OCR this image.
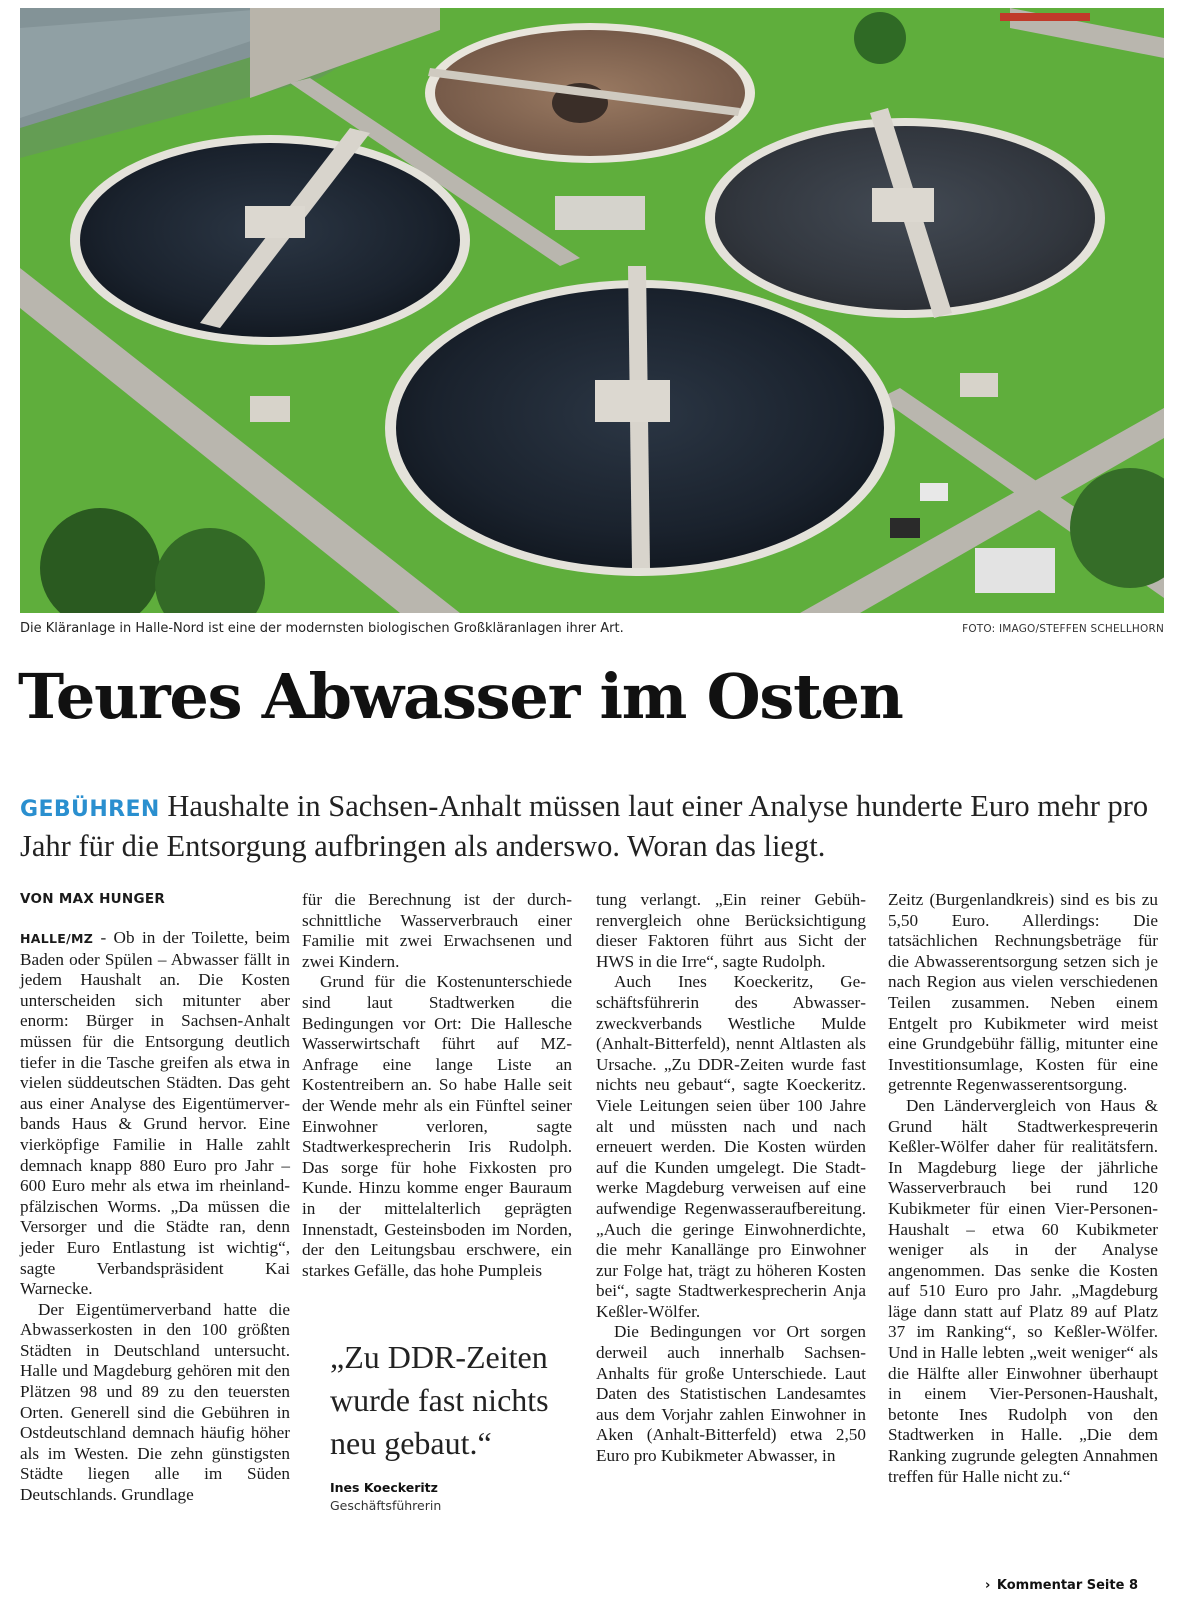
Die Kläranlage in Halle-Nord ist eine der modernsten biologischen Großkläranlagen ihrer Art.	FOTO: IMAGO/STEFFEN SCHELLHORN
Teures Abwasser im Osten
GEBÜHREN Haushalte in Sachsen-Anhalt müssen laut einer Analyse hunderte Euro mehr pro Jahr für die Entsorgung aufbringen als anderswo. Woran das liegt.
VON MAX HUNGER

HALLE/MZ - Ob in der Toilette, beim Baden oder Spülen – Abwasser fällt in jedem Haushalt an. Die Kosten unterscheiden sich mitunter aber enorm: Bürger in Sachsen-Anhalt müssen für die Entsorgung deutlich tiefer in die Tasche greifen als etwa in vielen süddeutschen Städten. Das geht aus einer Analyse des Eigentümerverbands Haus & Grund hervor. Eine vierköpfige Familie in Halle zahlt demnach knapp 880 Euro pro Jahr – 600 Euro mehr als etwa im rheinland-pfälzischen Worms. „Da müssen die Versorger und die Städte ran, denn jeder Euro Entlastung ist wichtig“, sagte Verbandspräsident Kai Warnecke.

Der Eigentümerverband hatte die Abwasserkosten in den 100 größten Städten in Deutschland untersucht. Halle und Magdeburg gehören mit den Plätzen 98 und 89 zu den teuersten Orten. Generell sind die Gebühren in Ostdeutschland demnach häufig höher als im Westen. Die zehn günstigsten Städte liegen alle im Süden Deutschlands. Grundlage

für die Berechnung ist der durchschnittliche Wasserverbrauch einer Familie mit zwei Erwachsenen und zwei Kindern.

Grund für die Kostenunterschiede sind laut Stadtwerken die Bedingungen vor Ort: Die Hallesche Wasserwirtschaft führt auf MZ-Anfrage eine lange Liste an Kostentreibern an. So habe Halle seit der Wende mehr als ein Fünftel seiner Einwohner verloren, sagte Stadtwerkesprecherin Iris Rudolph. Das sorge für hohe Fixkosten pro Kunde. Hinzu komme enger Bauraum in der mittelalterlich geprägten Innenstadt, Gesteinsboden im Norden, der den Leitungsbau erschwere, ein starkes Gefälle, das hohe Pumpleis

„Zu DDR-Zeiten wurde fast nichts neu gebaut.“

Ines Koeckeritz
Geschäftsführerin

tung verlangt. „Ein reiner Gebührenvergleich ohne Berücksichtigung dieser Faktoren führt aus Sicht der HWS in die Irre“, sagte Rudolph.

Auch Ines Koeckeritz, Geschäftsführerin des Abwasserzweckverbands Westliche Mulde (Anhalt-Bitterfeld), nennt Altlasten als Ursache. „Zu DDR-Zeiten wurde fast nichts neu gebaut“, sagte Koeckeritz. Viele Leitungen seien über 100 Jahre alt und müssten nach und nach erneuert werden. Die Kosten würden auf die Kunden umgelegt. Die Stadtwerke Magdeburg verweisen auf eine aufwendige Regenwasseraufbereitung. „Auch die geringe Einwohnerdichte, die mehr Kanallänge pro Einwohner zur Folge hat, trägt zu höheren Kosten bei“, sagte Stadtwerkesprecherin Anja Keßler-Wölfer.

Die Bedingungen vor Ort sorgen derweil auch innerhalb Sachsen-Anhalts für große Unterschiede. Laut Daten des Statistischen Landesamtes aus dem Vorjahr zahlen Einwohner in Aken (Anhalt-Bitterfeld) etwa 2,50 Euro pro Kubikmeter Abwasser, in

Zeitz (Burgenlandkreis) sind es bis zu 5,50 Euro. Allerdings: Die tatsächlichen Rechnungsbeträge für die Abwasserentsorgung setzen sich je nach Region aus vielen verschiedenen Teilen zusammen. Neben einem Entgelt pro Kubikmeter wird meist eine Grundgebühr fällig, mitunter eine Investitionsumlage, Kosten für eine getrennte Regenwasserentsorgung.

Den Ländervergleich von Haus & Grund hält Stadtwerkesprечеrin Keßler-Wölfer daher für realitätsfern. In Magdeburg liege der jährliche Wasserverbrauch bei rund 120 Kubikmeter für einen Vier-Personen-Haushalt – etwa 60 Kubikmeter weniger als in der Analyse angenommen. Das senke die Kosten auf 510 Euro pro Jahr. „Magdeburg läge dann statt auf Platz 89 auf Platz 37 im Ranking“, so Keßler-Wölfer. Und in Halle lebten „weit weniger“ als die Hälfte aller Einwohner überhaupt in einem Vier-Personen-Haushalt, betonte Ines Rudolph von den Stadtwerken in Halle. „Die dem Ranking zugrunde gelegten Annahmen treffen für Halle nicht zu.“

› Kommentar Seite 8
